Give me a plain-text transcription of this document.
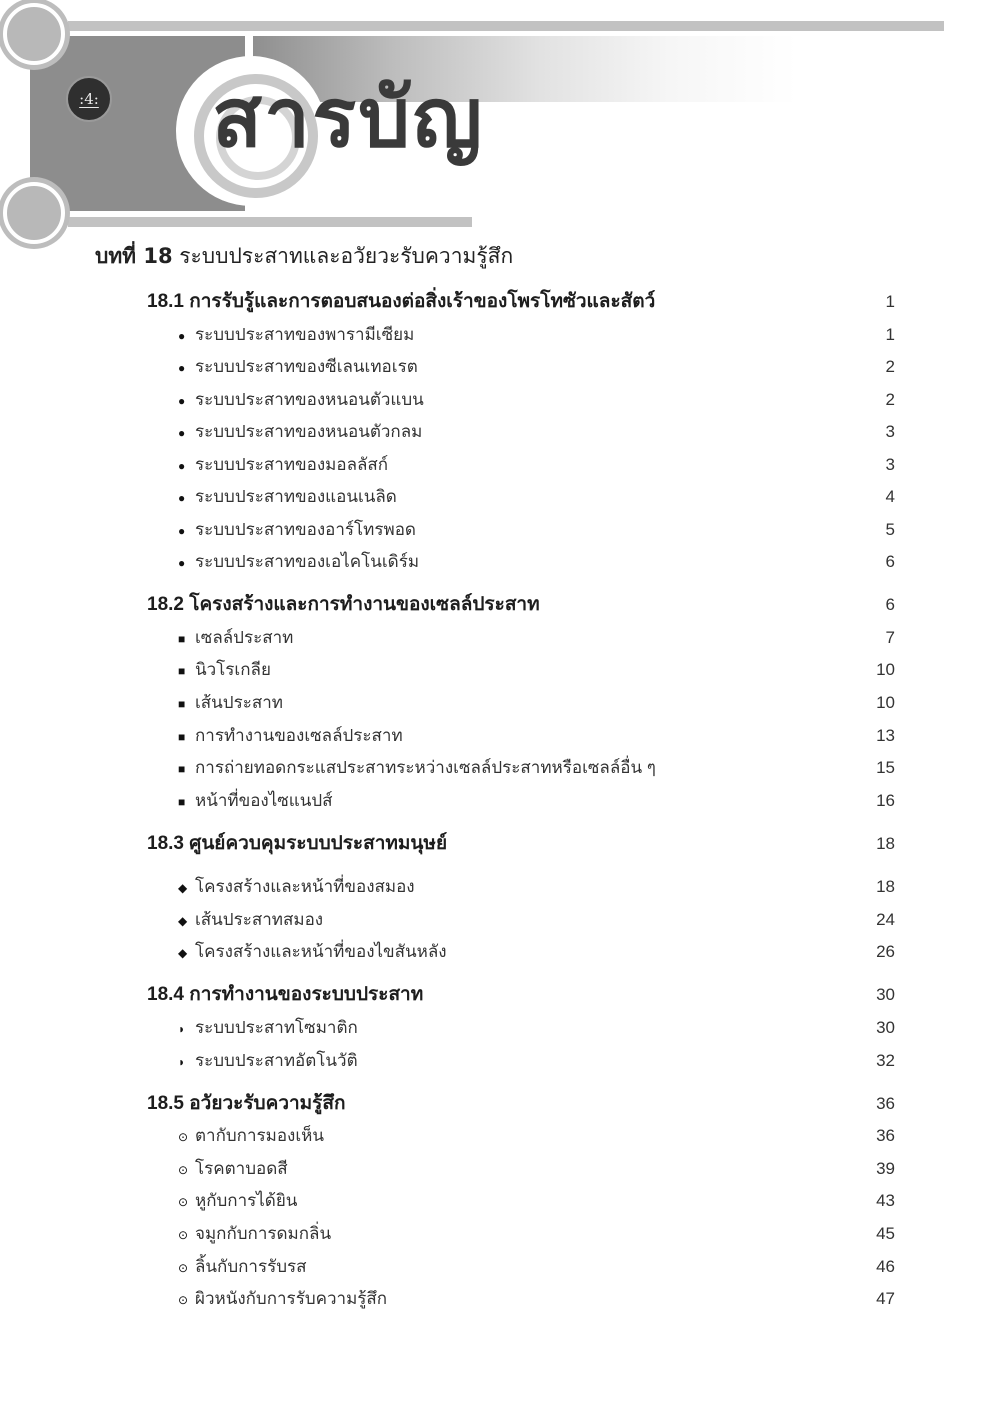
:4: สารบัญ
บทที่ 18 ระบบประสาทและอวัยวะรับความรู้สึก
18.1 การรับรู้และการตอบสนองต่อสิ่งเร้าของโพรโทซัวและสัตว์	1
● ระบบประสาทของพารามีเซียม	1
● ระบบประสาทของซีเลนเทอเรต	2
● ระบบประสาทของหนอนตัวแบน	2
● ระบบประสาทของหนอนตัวกลม	3
● ระบบประสาทของมอลลัสก์	3
● ระบบประสาทของแอนเนลิด	4
● ระบบประสาทของอาร์โทรพอด	5
● ระบบประสาทของเอไคโนเดิร์ม	6
18.2 โครงสร้างและการทำงานของเซลล์ประสาท	6
■ เซลล์ประสาท	7
■ นิวโรเกลีย	10
■ เส้นประสาท	10
■ การทำงานของเซลล์ประสาท	13
■ การถ่ายทอดกระแสประสาทระหว่างเซลล์ประสาทหรือเซลล์อื่น ๆ	15
■ หน้าที่ของไซแนปส์	16
18.3 ศูนย์ควบคุมระบบประสาทมนุษย์	18
◆ โครงสร้างและหน้าที่ของสมอง	18
◆ เส้นประสาทสมอง	24
◆ โครงสร้างและหน้าที่ของไขสันหลัง	26
18.4 การทำงานของระบบประสาท	30
◗ ระบบประสาทโซมาติก	30
◗ ระบบประสาทอัตโนวัติ	32
18.5 อวัยวะรับความรู้สึก	36
⊙ ตากับการมองเห็น	36
⊙ โรคตาบอดสี	39
⊙ หูกับการได้ยิน	43
⊙ จมูกกับการดมกลิ่น	45
⊙ ลิ้นกับการรับรส	46
⊙ ผิวหนังกับการรับความรู้สึก	47
